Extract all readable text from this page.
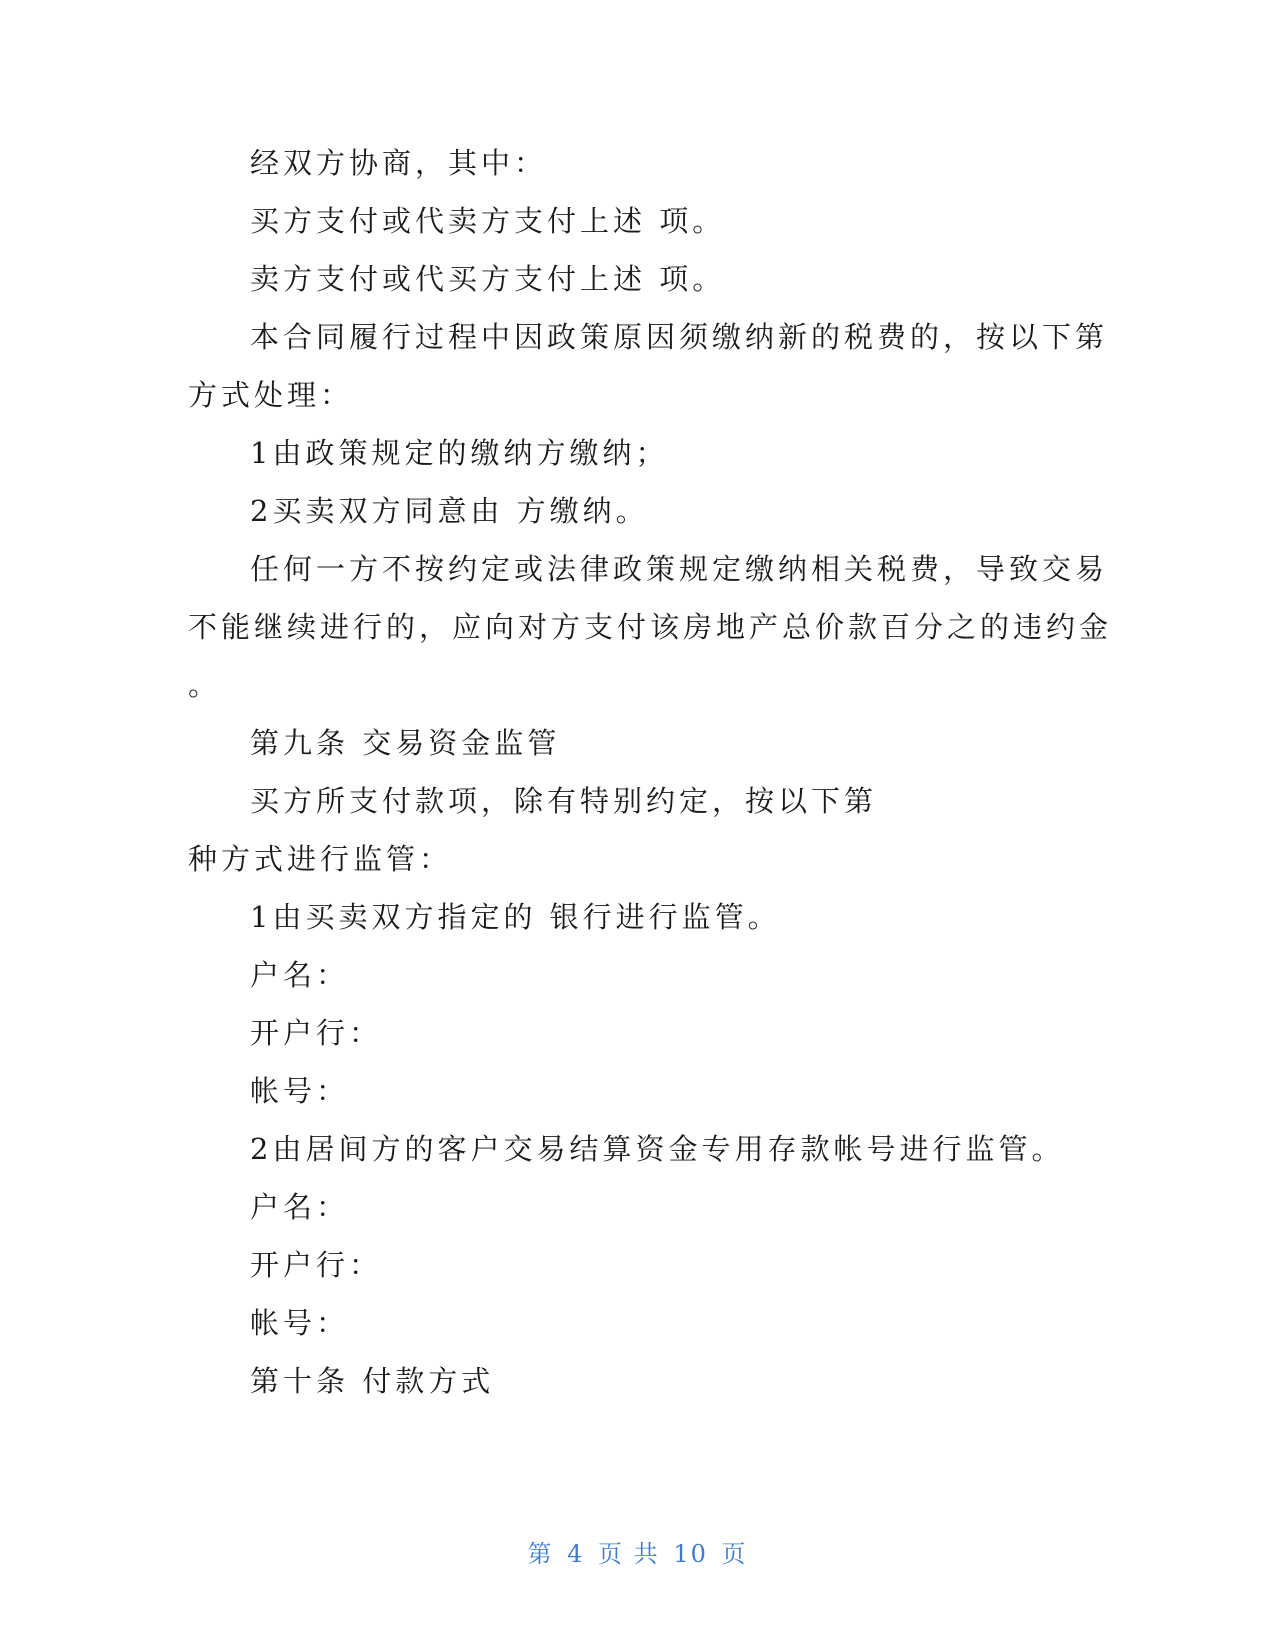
经双方协商，其中：
买方支付或代卖方支付上述 项。
卖方支付或代买方支付上述 项。
本合同履行过程中因政策原因须缴纳新的税费的，按以下第
方式处理：
1由政策规定的缴纳方缴纳；
2买卖双方同意由 方缴纳。
任何一方不按约定或法律政策规定缴纳相关税费，导致交易
不能继续进行的，应向对方支付该房地产总价款百分之的违约金
。
第九条 交易资金监管
买方所支付款项，除有特别约定，按以下第
种方式进行监管：
1由买卖双方指定的 银行进行监管。
户名：
开户行：
帐号：
2由居间方的客户交易结算资金专用存款帐号进行监管。
户名：
开户行：
帐号：
第十条 付款方式
第 4 页 共 10 页
